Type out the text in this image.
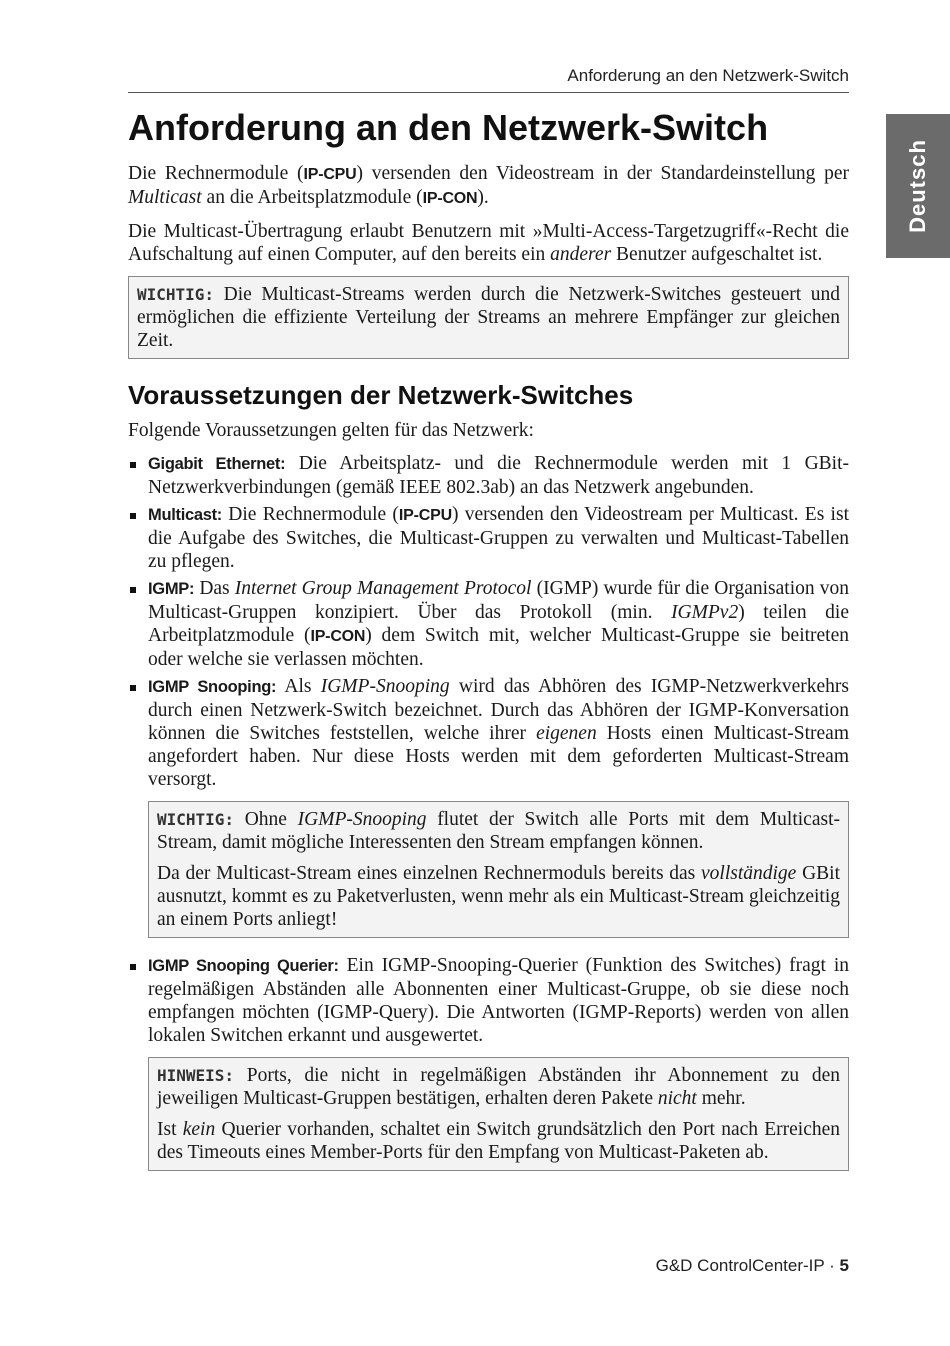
Anforderung an den Netzwerk-Switch
Deutsch
Anforderung an den Netzwerk-Switch

Die Rechnermodule (IP-CPU) versenden den Videostream in der Standardeinstellung per Multicast an die Arbeitsplatzmodule (IP-CON).

Die Multicast-Übertragung erlaubt Benutzern mit »Multi-Access-Targetzugriff«-Recht die Aufschaltung auf einen Computer, auf den bereits ein anderer Benutzer aufgeschaltet ist.

WICHTIG: Die Multicast-Streams werden durch die Netzwerk-Switches gesteuert und ermöglichen die effiziente Verteilung der Streams an mehrere Empfänger zur gleichen Zeit.

Voraussetzungen der Netzwerk-Switches

Folgende Voraussetzungen gelten für das Netzwerk:

Gigabit Ethernet: Die Arbeitsplatz- und die Rechnermodule werden mit 1 GBit-Netzwerkverbindungen (gemäß IEEE 802.3ab) an das Netzwerk angebunden.
Multicast: Die Rechnermodule (IP-CPU) versenden den Videostream per Multicast. Es ist die Aufgabe des Switches, die Multicast-Gruppen zu verwalten und Multicast-Tabellen zu pflegen.
IGMP: Das Internet Group Management Protocol (IGMP) wurde für die Organisation von Multicast-Gruppen konzipiert. Über das Protokoll (min. IGMPv2) teilen die Arbeitplatzmodule (IP-CON) dem Switch mit, welcher Multicast-Gruppe sie beitreten oder welche sie verlassen möchten.
IGMP Snooping: Als IGMP-Snooping wird das Abhören des IGMP-Netzwerkverkehrs durch einen Netzwerk-Switch bezeichnet. Durch das Abhören der IGMP-Konversation können die Switches feststellen, welche ihrer eigenen Hosts einen Multicast-Stream angefordert haben. Nur diese Hosts werden mit dem geforderten Multicast-Stream versorgt.

WICHTIG: Ohne IGMP-Snooping flutet der Switch alle Ports mit dem Multicast-Stream, damit mögliche Interessenten den Stream empfangen können.

Da der Multicast-Stream eines einzelnen Rechnermoduls bereits das vollständige GBit ausnutzt, kommt es zu Paketverlusten, wenn mehr als ein Multicast-Stream gleichzeitig an einem Ports anliegt!

IGMP Snooping Querier: Ein IGMP-Snooping-Querier (Funktion des Switches) fragt in regelmäßigen Abständen alle Abonnenten einer Multicast-Gruppe, ob sie diese noch empfangen möchten (IGMP-Query). Die Antworten (IGMP-Reports) werden von allen lokalen Switchen erkannt und ausgewertet.

HINWEIS: Ports, die nicht in regelmäßigen Abständen ihr Abonnement zu den jeweiligen Multicast-Gruppen bestätigen, erhalten deren Pakete nicht mehr.

Ist kein Querier vorhanden, schaltet ein Switch grundsätzlich den Port nach Erreichen des Timeouts eines Member-Ports für den Empfang von Multicast-Paketen ab.

G&D ControlCenter-IP · 5
